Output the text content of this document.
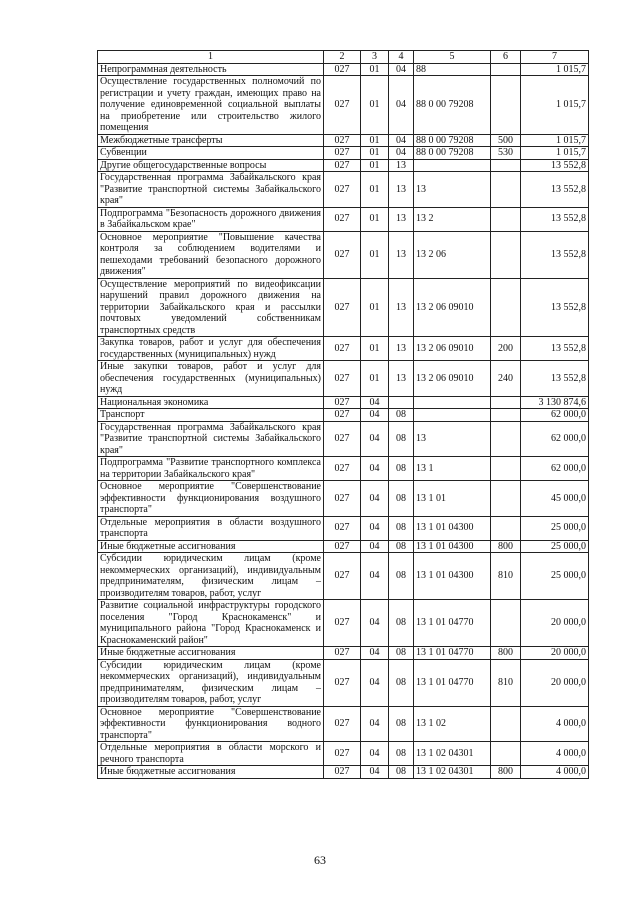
1	2	3	4	5	6	7
Непрограммная деятельность	027	01	04	88		1 015,7
Осуществление государственных полномочий по регистрации и учету граждан, имеющих право на получение единовременной социальной выплаты на приобретение или строительство жилого помещения	027	01	04	88 0 00 79208		1 015,7
Межбюджетные трансферты	027	01	04	88 0 00 79208	500	1 015,7
Субвенции	027	01	04	88 0 00 79208	530	1 015,7
Другие общегосударственные вопросы	027	01	13			13 552,8
Государственная программа Забайкальского края "Развитие транспортной системы Забайкальского края"	027	01	13	13		13 552,8
Подпрограмма "Безопасность дорожного движения в Забайкальском крае"	027	01	13	13 2		13 552,8
Основное мероприятие "Повышение качества контроля за соблюдением водителями и пешеходами требований безопасного дорожного движения"	027	01	13	13 2 06		13 552,8
Осуществление мероприятий по видеофиксации нарушений правил дорожного движения на территории Забайкальского края и рассылки почтовых уведомлений собственникам транспортных средств	027	01	13	13 2 06 09010		13 552,8
Закупка товаров, работ и услуг для обеспечения государственных (муниципальных) нужд	027	01	13	13 2 06 09010	200	13 552,8
Иные закупки товаров, работ и услуг для обеспечения государственных (муниципальных) нужд	027	01	13	13 2 06 09010	240	13 552,8
Национальная экономика	027	04				3 130 874,6
Транспорт	027	04	08			62 000,0
Государственная программа Забайкальского края "Развитие транспортной системы Забайкальского края"	027	04	08	13		62 000,0
Подпрограмма "Развитие транспортного комплекса на территории Забайкальского края"	027	04	08	13 1		62 000,0
Основное мероприятие "Совершенствование эффективности функционирования воздушного транспорта"	027	04	08	13 1 01		45 000,0
Отдельные мероприятия в области воздушного транспорта	027	04	08	13 1 01 04300		25 000,0
Иные бюджетные ассигнования	027	04	08	13 1 01 04300	800	25 000,0
Субсидии юридическим лицам (кроме некоммерческих организаций), индивидуальным предпринимателям, физическим лицам – производителям товаров, работ, услуг	027	04	08	13 1 01 04300	810	25 000,0
Развитие социальной инфраструктуры городского поселения "Город Краснокаменск" и муниципального района "Город Краснокаменск и Краснокаменский район"	027	04	08	13 1 01 04770		20 000,0
Иные бюджетные ассигнования	027	04	08	13 1 01 04770	800	20 000,0
Субсидии юридическим лицам (кроме некоммерческих организаций), индивидуальным предпринимателям, физическим лицам – производителям товаров, работ, услуг	027	04	08	13 1 01 04770	810	20 000,0
Основное мероприятие "Совершенствование эффективности функционирования водного транспорта"	027	04	08	13 1 02		4 000,0
Отдельные мероприятия в области морского и речного транспорта	027	04	08	13 1 02 04301		4 000,0
Иные бюджетные ассигнования	027	04	08	13 1 02 04301	800	4 000,0
63
